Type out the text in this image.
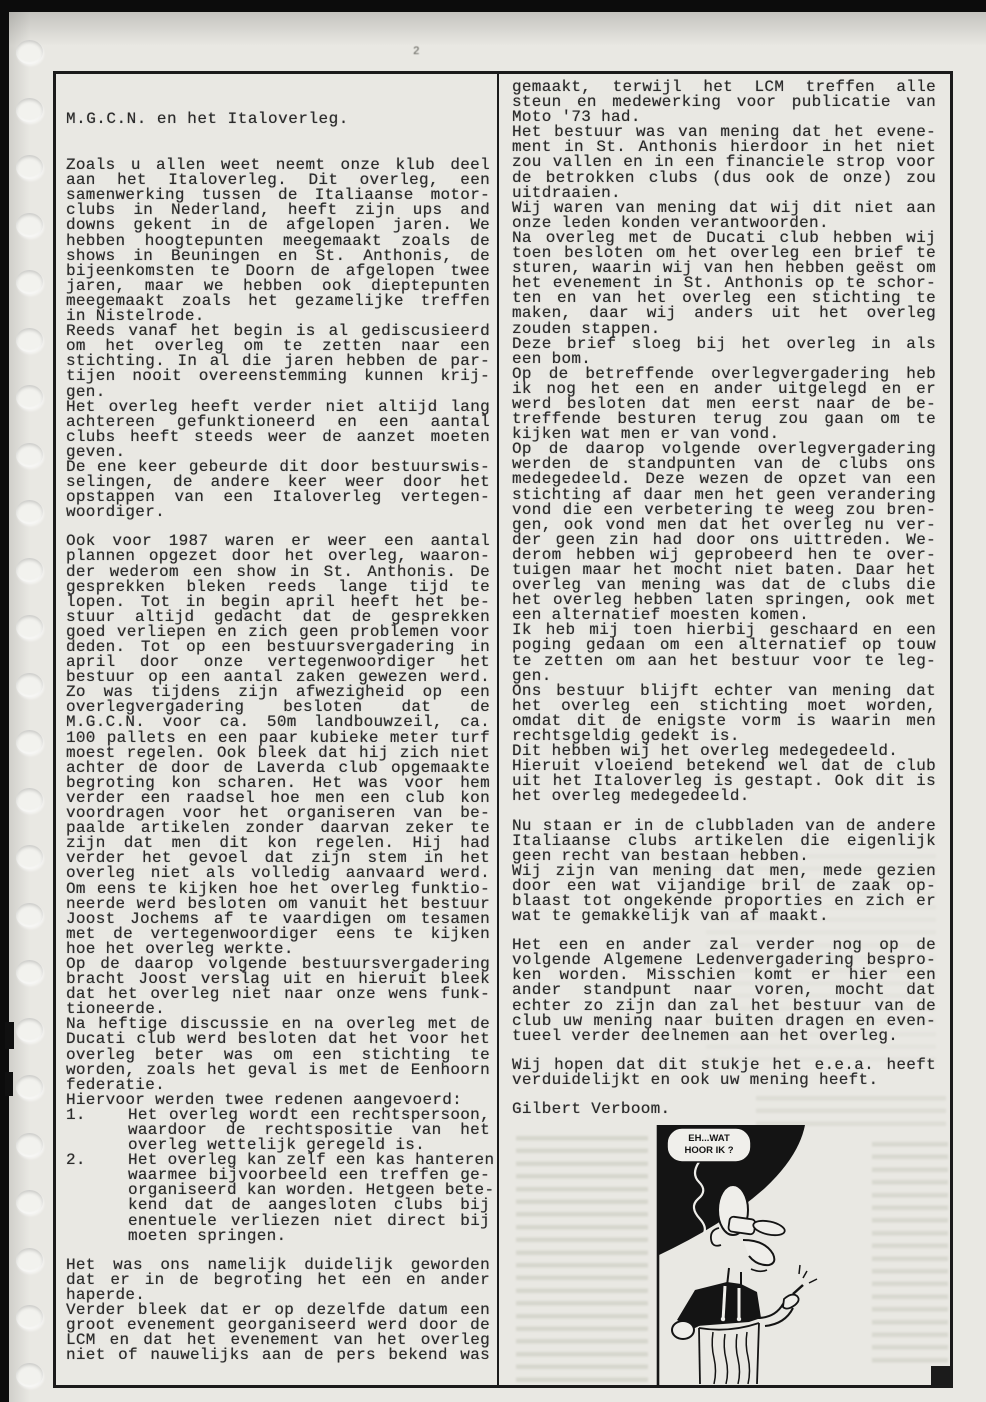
2
M.G.C.N. en het Italoverleg.
Zoals u allen weet neemt onze klub deel
aan het Italoverleg. Dit overleg, een
samenwerking tussen de Italiaanse motor-
clubs in Nederland, heeft zijn ups and
downs gekent in de afgelopen jaren. We
hebben hoogtepunten meegemaakt zoals de
shows in Beuningen en St. Anthonis, de
bijeenkomsten te Doorn de afgelopen twee
jaren, maar we hebben ook dieptepunten
meegemaakt zoals het gezamelijke treffen
in Nistelrode.
Reeds vanaf het begin is al gediscusieerd
om het overleg om te zetten naar een
stichting. In al die jaren hebben de par-
tijen nooit overeenstemming kunnen krij-
gen.
Het overleg heeft verder niet altijd lang
achtereen gefunktioneerd en een aantal
clubs heeft steeds weer de aanzet moeten
geven.
De ene keer gebeurde dit door bestuurswis-
selingen, de andere keer weer door het
opstappen van een Italoverleg vertegen-
woordiger.
Ook voor 1987 waren er weer een aantal
plannen opgezet door het overleg, waaron-
der wederom een show in St. Anthonis. De
gesprekken bleken reeds lange tijd te
lopen. Tot in begin april heeft het be-
stuur altijd gedacht dat de gesprekken
goed verliepen en zich geen problemen voor
deden. Tot op een bestuursvergadering in
april door onze vertegenwoordiger het
bestuur op een aantal zaken gewezen werd.
Zo was tijdens zijn afwezigheid op een
overlegvergadering besloten dat de
M.G.C.N. voor ca. 50m landbouwzeil, ca.
100 pallets en een paar kubieke meter turf
moest regelen. Ook bleek dat hij zich niet
achter de door de Laverda club opgemaakte
begroting kon scharen. Het was voor hem
verder een raadsel hoe men een club kon
voordragen voor het organiseren van be-
paalde artikelen zonder daarvan zeker te
zijn dat men dit kon regelen. Hij had
verder het gevoel dat zijn stem in het
overleg niet als volledig aanvaard werd.
Om eens te kijken hoe het overleg funktio-
neerde werd besloten om vanuit het bestuur
Joost Jochems af te vaardigen om tesamen
met de vertegenwoordiger eens te kijken
hoe het overleg werkte.
Op de daarop volgende bestuursvergadering
bracht Joost verslag uit en hieruit bleek
dat het overleg niet naar onze wens funk-
tioneerde.
Na heftige discussie en na overleg met de
Ducati club werd besloten dat het voor het
overleg beter was om een stichting te
worden, zoals het geval is met de Eenhoorn
federatie.
Hiervoor werden twee redenen aangevoerd:
1.	Het overleg wordt een rechtspersoon,
waardoor de rechtspositie van het
overleg wettelijk geregeld is.
2.	Het overleg kan zelf een kas hanteren
waarmee bijvoorbeeld een treffen ge-
organiseerd kan worden. Hetgeen bete-
kend dat de aangesloten clubs bij
enentuele verliezen niet direct bij
moeten springen.
Het was ons namelijk duidelijk geworden
dat er in de begroting het een en ander
haperde.
Verder bleek dat er op dezelfde datum een
groot evenement georganiseerd werd door de
LCM en dat het evenement van het overleg
niet of nauwelijks aan de pers bekend was
gemaakt, terwijl het LCM treffen alle
steun en medewerking voor publicatie van
Moto '73 had.
Het bestuur was van mening dat het evene-
ment in St. Anthonis hierdoor in het niet
zou vallen en in een financiele strop voor
de betrokken clubs (dus ook de onze) zou
uitdraaien.
Wij waren van mening dat wij dit niet aan
onze leden konden verantwoorden.
Na overleg met de Ducati club hebben wij
toen besloten om het overleg een brief te
sturen, waarin wij van hen hebben geëst om
het evenement in St. Anthonis op te schor-
ten en van het overleg een stichting te
maken, daar wij anders uit het overleg
zouden stappen.
Deze brief sloeg bij het overleg in als
een bom.
Op de betreffende overlegvergadering heb
ik nog het een en ander uitgelegd en er
werd besloten dat men eerst naar de be-
treffende besturen terug zou gaan om te
kijken wat men er van vond.
Op de daarop volgende overlegvergadering
werden de standpunten van de clubs ons
medegedeeld. Deze wezen de opzet van een
stichting af daar men het geen verandering
vond die een verbetering te weeg zou bren-
gen, ook vond men dat het overleg nu ver-
der geen zin had door ons uittreden. We-
derom hebben wij geprobeerd hen te over-
tuigen maar het mocht niet baten. Daar het
overleg van mening was dat de clubs die
het overleg hebben laten springen, ook met
een alternatief moesten komen.
Ik heb mij toen hierbij geschaard en een
poging gedaan om een alternatief op touw
te zetten om aan het bestuur voor te leg-
gen.
Ons bestuur blijft echter van mening dat
het overleg een stichting moet worden,
omdat dit de enigste vorm is waarin men
rechtsgeldig gedekt is.
Dit hebben wij het overleg medegedeeld.
Hieruit vloeiend betekend wel dat de club
uit het Italoverleg is gestapt. Ook dit is
het overleg medegedeeld.
Nu staan er in de clubbladen van de andere
Italiaanse clubs artikelen die eigenlijk
geen recht van bestaan hebben.
Wij zijn van mening dat men, mede gezien
door een wat vijandige bril de zaak op-
blaast tot ongekende proporties en zich er
wat te gemakkelijk van af maakt.
Het een en ander zal verder nog op de
volgende Algemene Ledenvergadering bespro-
ken worden. Misschien komt er hier een
ander standpunt naar voren, mocht dat
echter zo zijn dan zal het bestuur van de
club uw mening naar buiten dragen en even-
tueel verder deelnemen aan het overleg.
Wij hopen dat dit stukje het e.e.a. heeft
verduidelijkt en ook uw mening heeft.
Gilbert Verboom.
EH...WAT
HOOR IK ?
